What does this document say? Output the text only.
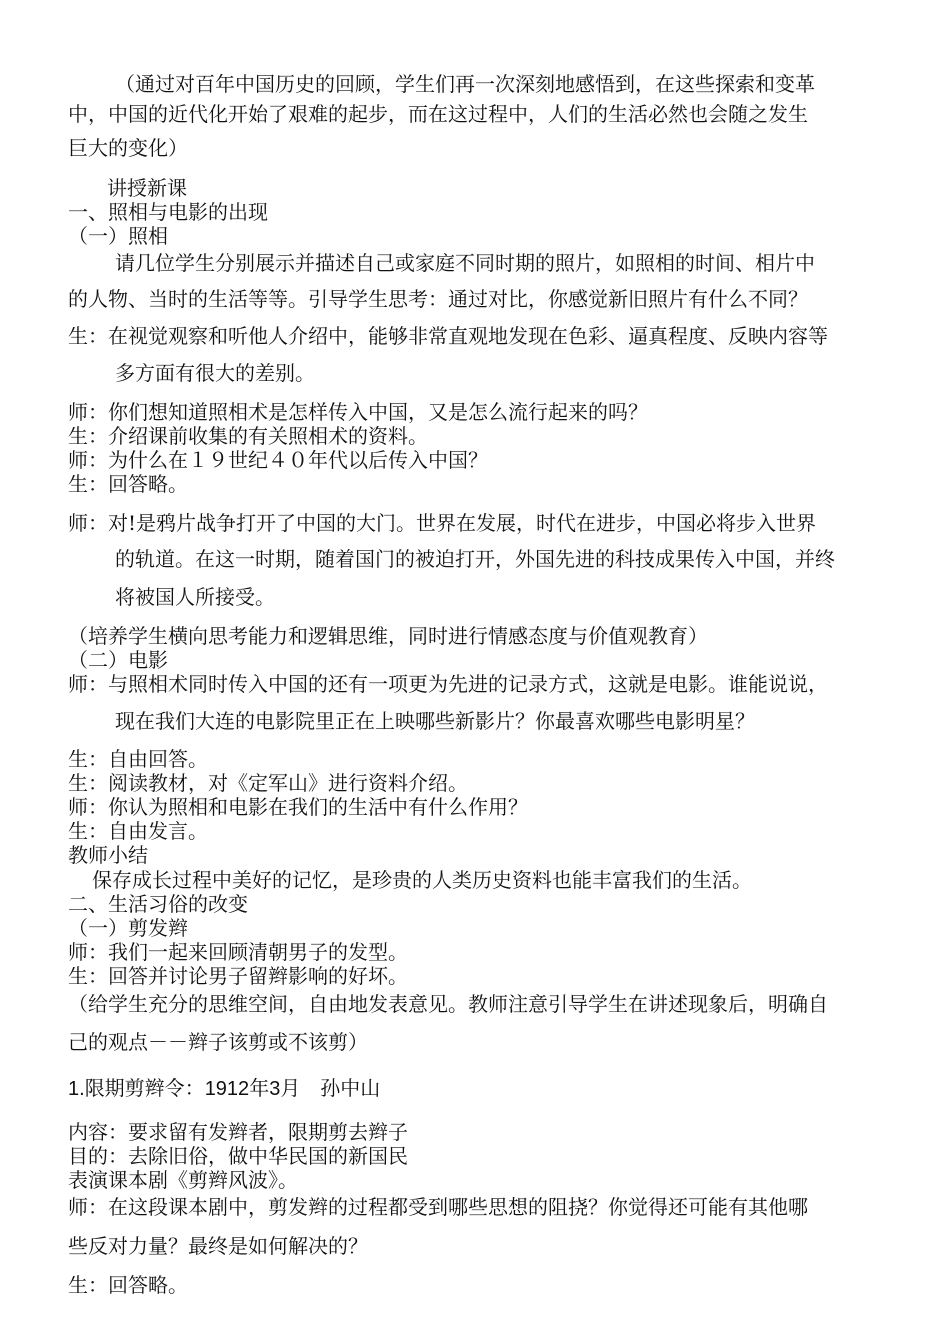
（通过对百年中国历史的回顾，学生们再一次深刻地感悟到，在这些探索和变革
中，中国的近代化开始了艰难的起步，而在这过程中，人们的生活必然也会随之发生
巨大的变化）
讲授新课
一、照相与电影的出现
（一）照相
请几位学生分别展示并描述自己或家庭不同时期的照片，如照相的时间、相片中
的人物、当时的生活等等。引导学生思考：通过对比，你感觉新旧照片有什么不同？
生：在视觉观察和听他人介绍中，能够非常直观地发现在色彩、逼真程度、反映内容等
多方面有很大的差别。
师：你们想知道照相术是怎样传入中国，又是怎么流行起来的吗？
生：介绍课前收集的有关照相术的资料。
师：为什么在１９世纪４０年代以后传入中国？
生：回答略。
师：对!是鸦片战争打开了中国的大门。世界在发展，时代在进步，中国必将步入世界
的轨道。在这一时期，随着国门的被迫打开，外国先进的科技成果传入中国，并终
将被国人所接受。
（培养学生横向思考能力和逻辑思维，同时进行情感态度与价值观教育）
（二）电影
师：与照相术同时传入中国的还有一项更为先进的记录方式，这就是电影。谁能说说，
现在我们大连的电影院里正在上映哪些新影片？你最喜欢哪些电影明星？
生：自由回答。
生：阅读教材，对《定军山》进行资料介绍。
师：你认为照相和电影在我们的生活中有什么作用？
生：自由发言。
教师小结
保存成长过程中美好的记忆，是珍贵的人类历史资料也能丰富我们的生活。
二、生活习俗的改变
（一）剪发辫
师：我们一起来回顾清朝男子的发型。
生：回答并讨论男子留辫影响的好坏。
（给学生充分的思维空间，自由地发表意见。教师注意引导学生在讲述现象后，明确自
己的观点－－辫子该剪或不该剪）
1.限期剪辫令：1912年3月　孙中山
内容：要求留有发辫者，限期剪去辫子
目的：去除旧俗，做中华民国的新国民
表演课本剧《剪辫风波》。
师：在这段课本剧中，剪发辫的过程都受到哪些思想的阻挠？你觉得还可能有其他哪
些反对力量？最终是如何解决的？
生：回答略。
